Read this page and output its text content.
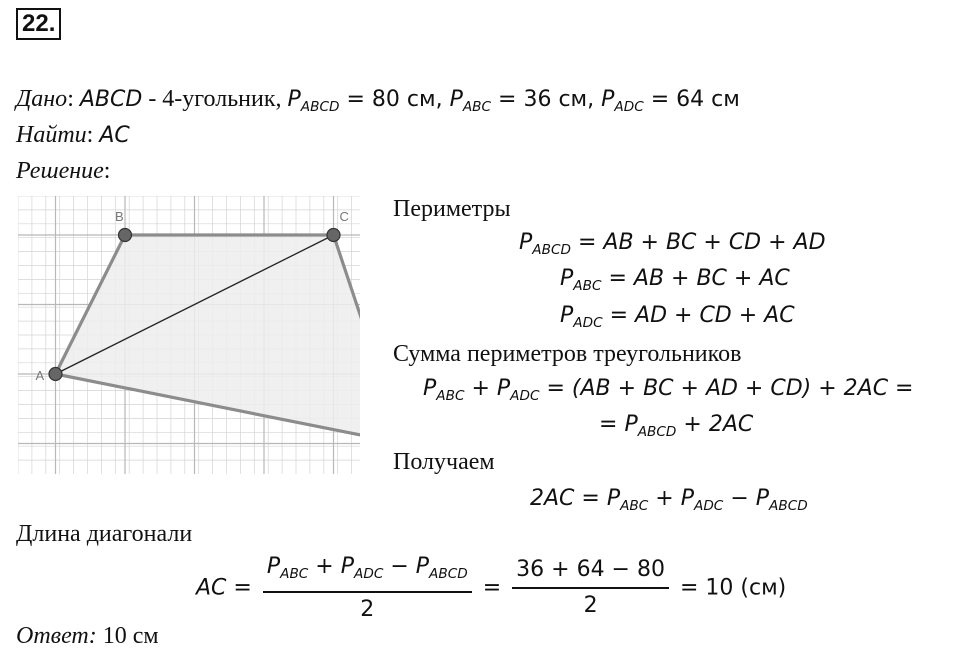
22.
Дано: ABCD - 4-угольник, $P_{ABCD} = 80$ см, $P_{ABC} = 36$ см, $P_{ADC} = 64$ см
Найти: AC
Решение:
A
B	C Периметры
$P_{ABCD}$ = AB + BC + CD + AD
$P_{ABC}$ = AB + BC + AC
$P_{ADC}$ = AD + CD + AC
Сумма периметров треугольников
$P_{ABC} + P_{ADC} = (AB$ + BC + AD + CD) + 2AC =
= $P_{ABCD} + 2AC$
Получаем
$2AC = P_{ABC} + P_{ADC} - P_{ABCD}$
Длина диагонали
AC = $\frac{P_{ABC} + P_{ADC} - P_{ABCD}}{2} = \frac{36 + 64 - 80}{2} = 10$ (см)
Ответ: 10 см
